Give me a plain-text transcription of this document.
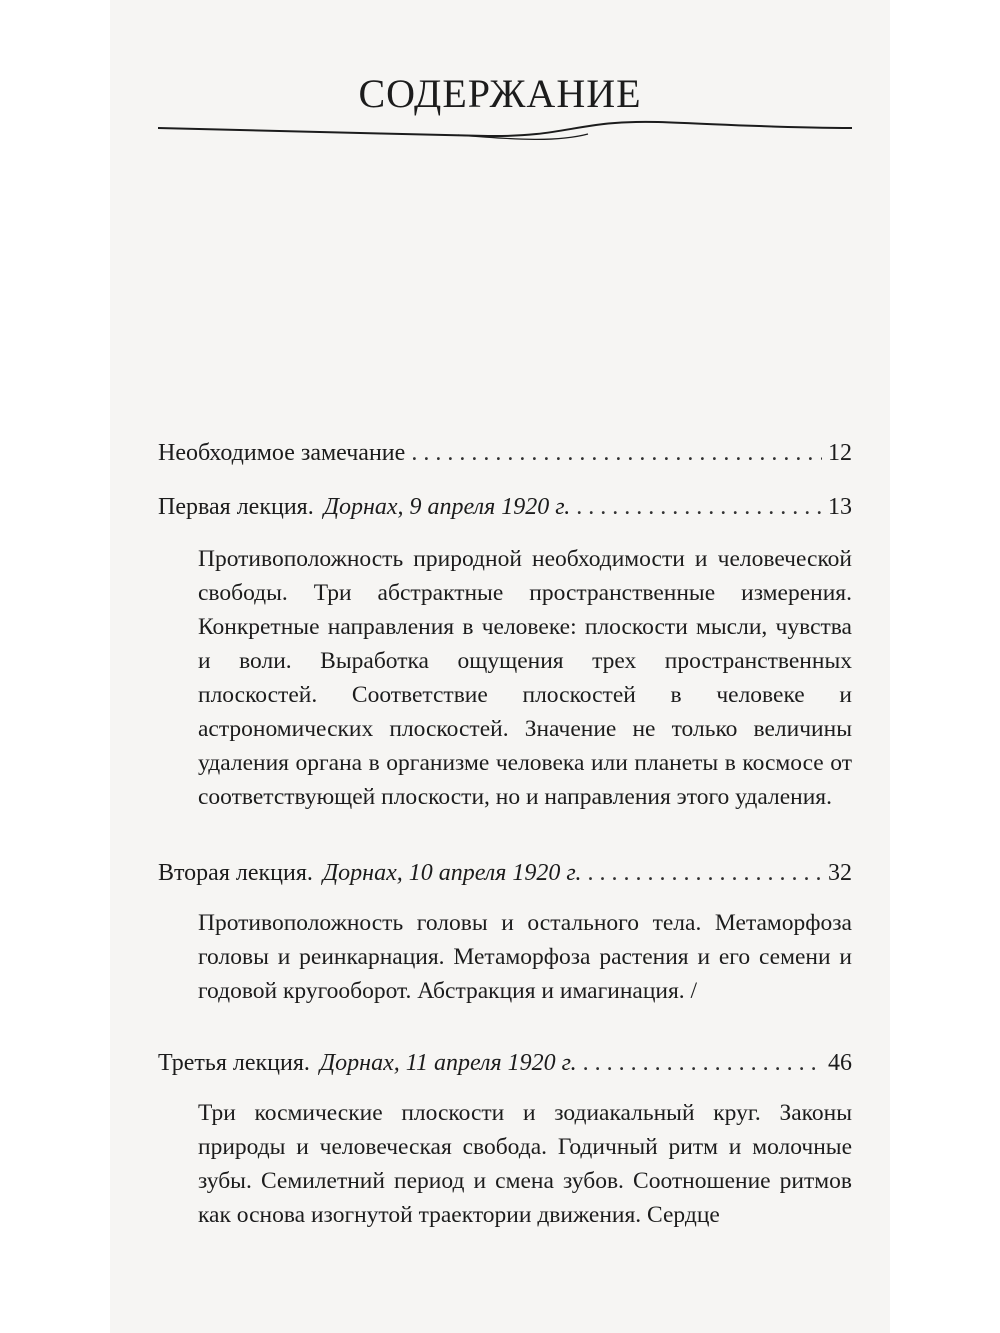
СОДЕРЖАНИЕ
Необходимое замечание . . .	12
Первая лекция. Дорнах, 9 апреля 1920 г. . . .	13

Противоположность природной необходимости и человеческой свободы. Три абстрактные пространственные измерения. Конкретные направления в человеке: плоскости мысли, чувства и воли. Выработка ощущения трех пространственных плоскостей. Соответствие плоскостей в человеке и астрономических плоскостей. Значение не только величины удаления органа в организме человека или планеты в космосе от соответствующей плоскости, но и направления этого удаления.

Вторая лекция. Дорнах, 10 апреля 1920 г. . . .	32

Противоположность головы и остального тела. Метаморфоза головы и реинкарнация. Метаморфоза растения и его семени и годовой кругооборот. Абстракция и имагинация. /

Третья лекция. Дорнах, 11 апреля 1920 г. . . .	46

Три космические плоскости и зодиакальный круг. Законы природы и человеческая свобода. Годичный ритм и молочные зубы. Семилетний период и смена зубов. Соотношение ритмов как основа изогнутой траектории движения. Сердце
